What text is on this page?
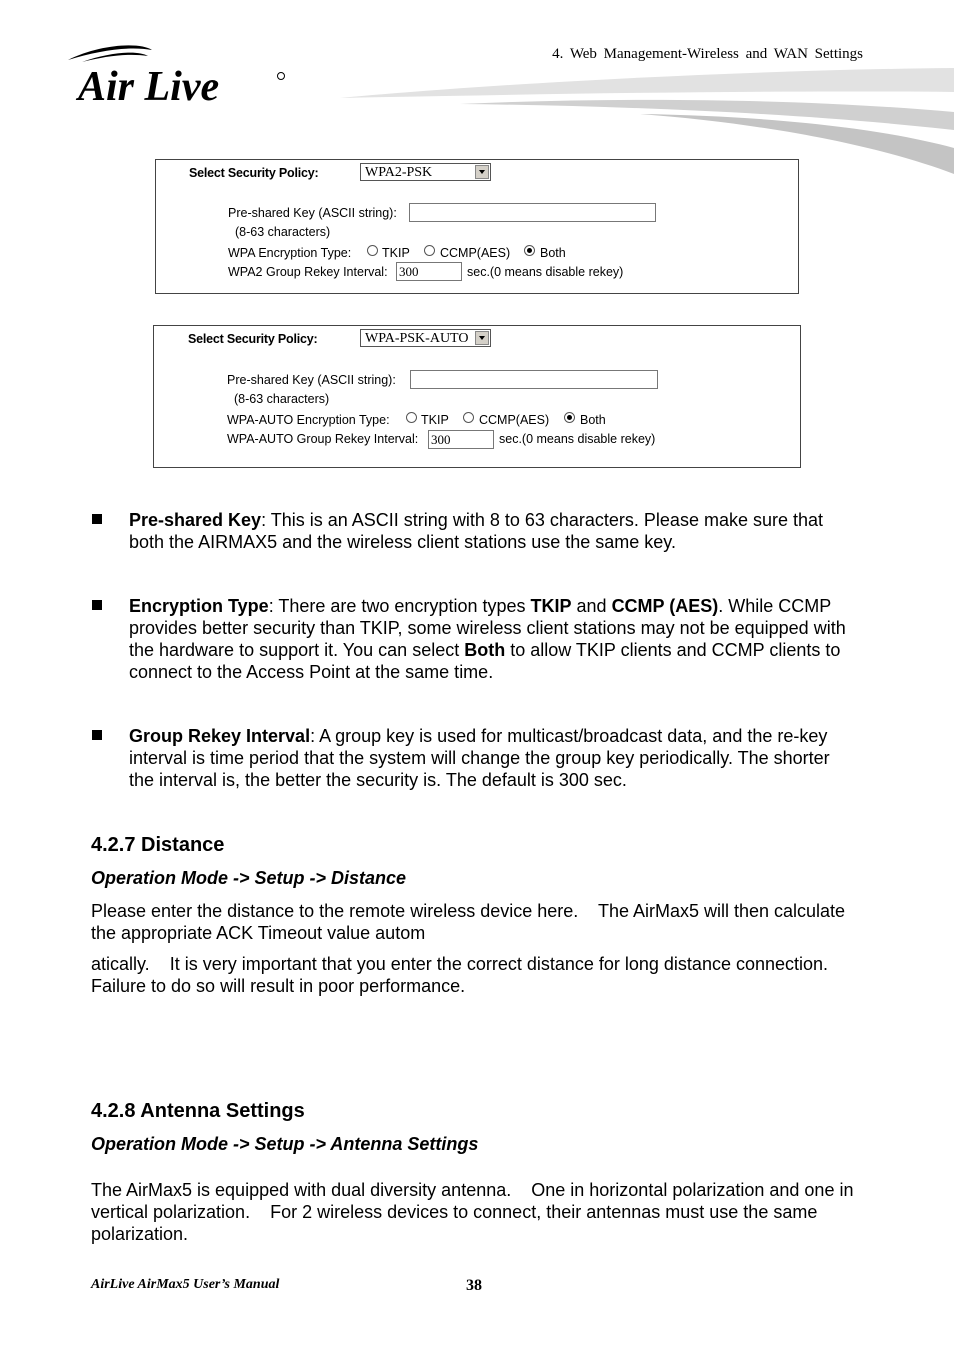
4. Web Management-Wireless and WAN Settings
Air Live
Select Security Policy:	WPA2-PSK
Pre-shared Key (ASCII string):
(8-63 characters)
WPA Encryption Type: TKIP CCMP(AES) Both
WPA2 Group Rekey Interval: 300	sec.(0 means disable rekey)
Select Security Policy:	WPA-PSK-AUTO
Pre-shared Key (ASCII string):
(8-63 characters)
WPA-AUTO Encryption Type:	TKIP CCMP(AES) Both
WPA-AUTO Group Rekey Interval: 300	sec.(0 means disable rekey)
Pre-shared Key: This is an ASCII string with 8 to 63 characters. Please make sure that both the AIRMAX5 and the wireless client stations use the same key.
Encryption Type: There are two encryption types TKIP and CCMP (AES). While CCMP provides better security than TKIP, some wireless client stations may not be equipped with the hardware to support it. You can select Both to allow TKIP clients and CCMP clients to connect to the Access Point at the same time.
Group Rekey Interval: A group key is used for multicast/broadcast data, and the re-key interval is time period that the system will change the group key periodically. The shorter the interval is, the better the security is. The default is 300 sec.
4.2.7 Distance
Operation Mode -> Setup -> Distance
Please enter the distance to the remote wireless device here.    The AirMax5 will then calculate the appropriate ACK Timeout value autom
atically.    It is very important that you enter the correct distance for long distance connection.    Failure to do so will result in poor performance.
4.2.8 Antenna Settings
Operation Mode -> Setup -> Antenna Settings
The AirMax5 is equipped with dual diversity antenna.    One in horizontal polarization and one in vertical polarization.    For 2 wireless devices to connect, their antennas must use the same polarization.
AirLive AirMax5 User’s Manual	38
